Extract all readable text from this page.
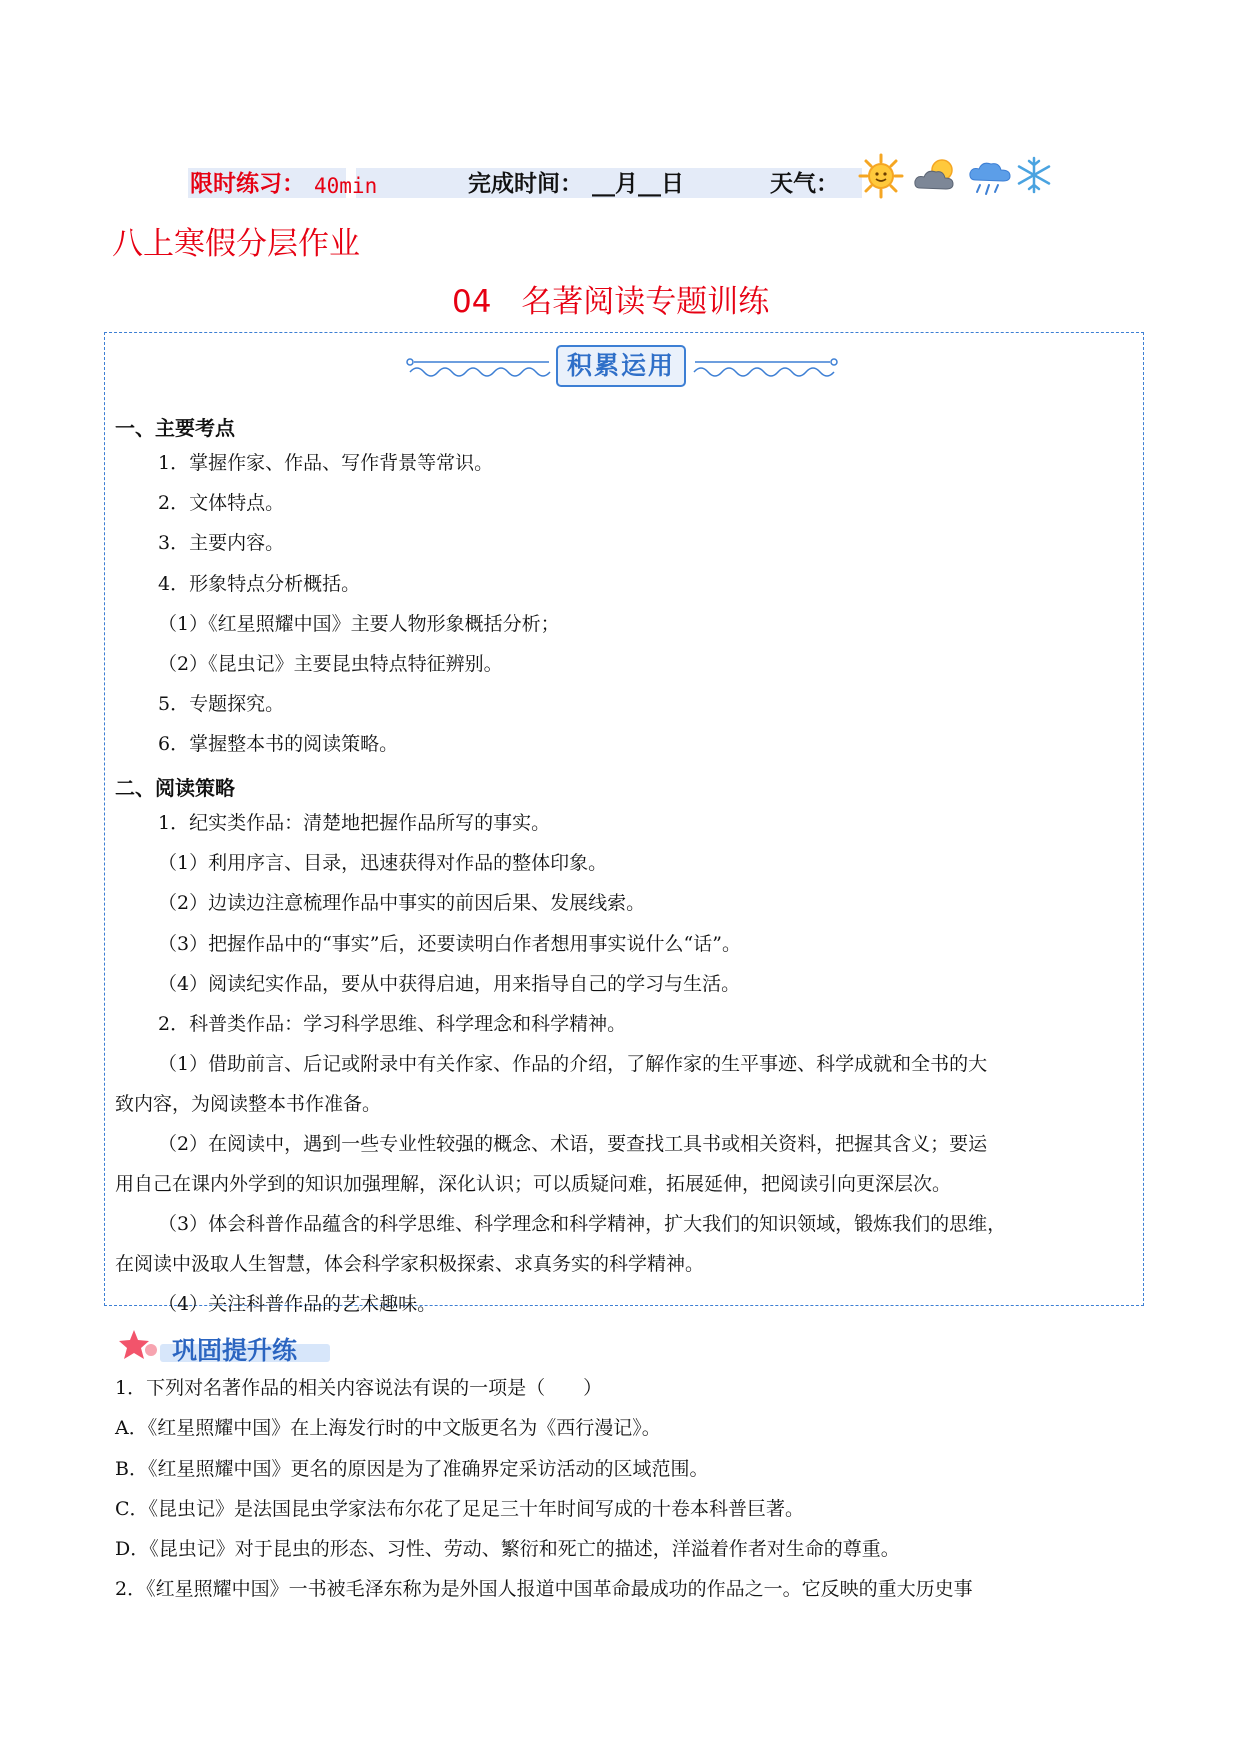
限时练习： 40min	完成时间： __月__日	天气：
八上寒假分层作业
04 名著阅读专题训练
积累运用
一、主要考点
1．掌握作家、作品、写作背景等常识。
2．文体特点。
3．主要内容。
4．形象特点分析概括。
（1）《红星照耀中国》主要人物形象概括分析；
（2）《昆虫记》主要昆虫特点特征辨别。
5．专题探究。
6．掌握整本书的阅读策略。
二、阅读策略
1．纪实类作品：清楚地把握作品所写的事实。
（1）利用序言、目录，迅速获得对作品的整体印象。
（2）边读边注意梳理作品中事实的前因后果、发展线索。
（3）把握作品中的“事实”后，还要读明白作者想用事实说什么“话”。
（4）阅读纪实作品，要从中获得启迪，用来指导自己的学习与生活。
2．科普类作品：学习科学思维、科学理念和科学精神。
（1）借助前言、后记或附录中有关作家、作品的介绍，了解作家的生平事迹、科学成就和全书的大
致内容，为阅读整本书作准备。
（2）在阅读中，遇到一些专业性较强的概念、术语，要查找工具书或相关资料，把握其含义；要运
用自己在课内外学到的知识加强理解，深化认识；可以质疑问难，拓展延伸，把阅读引向更深层次。
（3）体会科普作品蕴含的科学思维、科学理念和科学精神，扩大我们的知识领域，锻炼我们的思维，
在阅读中汲取人生智慧，体会科学家积极探索、求真务实的科学精神。
（4）关注科普作品的艺术趣味。
巩固提升练
1．下列对名著作品的相关内容说法有误的一项是（　　）
A．《红星照耀中国》在上海发行时的中文版更名为《西行漫记》。
B．《红星照耀中国》更名的原因是为了准确界定采访活动的区域范围。
C．《昆虫记》是法国昆虫学家法布尔花了足足三十年时间写成的十卷本科普巨著。
D．《昆虫记》对于昆虫的形态、习性、劳动、繁衍和死亡的描述，洋溢着作者对生命的尊重。
2．《红星照耀中国》一书被毛泽东称为是外国人报道中国革命最成功的作品之一。它反映的重大历史事
